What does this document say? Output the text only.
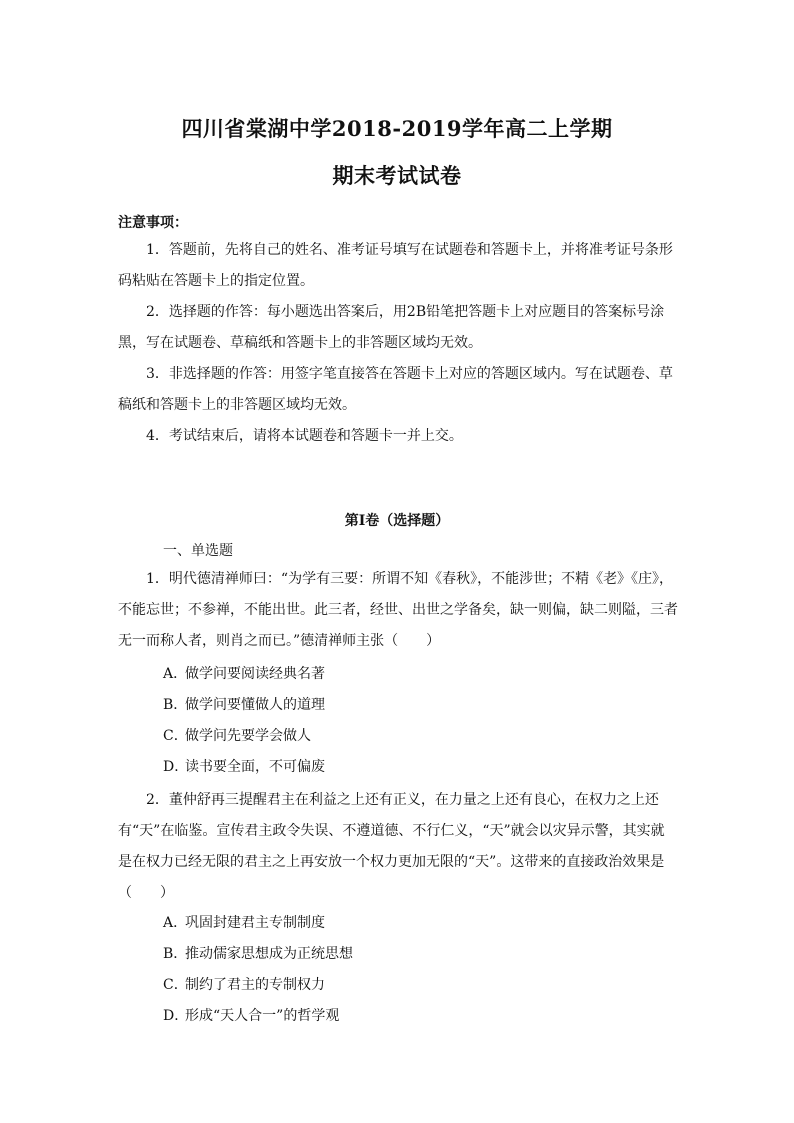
四川省棠湖中学2018-2019学年高二上学期
期末考试试卷
注意事项：
1．答题前，先将自己的姓名、准考证号填写在试题卷和答题卡上，并将准考证号条形码粘贴在答题卡上的指定位置。
2．选择题的作答：每小题选出答案后，用2B铅笔把答题卡上对应题目的答案标号涂黑，写在试题卷、草稿纸和答题卡上的非答题区域均无效。
3．非选择题的作答：用签字笔直接答在答题卡上对应的答题区域内。写在试题卷、草稿纸和答题卡上的非答题区域均无效。
4．考试结束后，请将本试题卷和答题卡一并上交。
第I卷（选择题）
一、单选题
1．明代德清禅师曰：“为学有三要：所谓不知《春秋》，不能涉世；不精《老》《庄》，不能忘世；不参禅，不能出世。此三者，经世、出世之学备矣，缺一则偏，缺二则隘，三者无一而称人者，则肖之而已。”德清禅师主张（　　）
A．做学问要阅读经典名著
B．做学问要懂做人的道理
C．做学问先要学会做人
D．读书要全面，不可偏废
2．董仲舒再三提醒君主在利益之上还有正义，在力量之上还有良心，在权力之上还有“天”在临鉴。宣传君主政令失误、不遵道德、不行仁义，“天”就会以灾异示警，其实就是在权力已经无限的君主之上再安放一个权力更加无限的“天”。这带来的直接政治效果是（　　）
A．巩固封建君主专制制度
B．推动儒家思想成为正统思想
C．制约了君主的专制权力
D．形成“天人合一”的哲学观
